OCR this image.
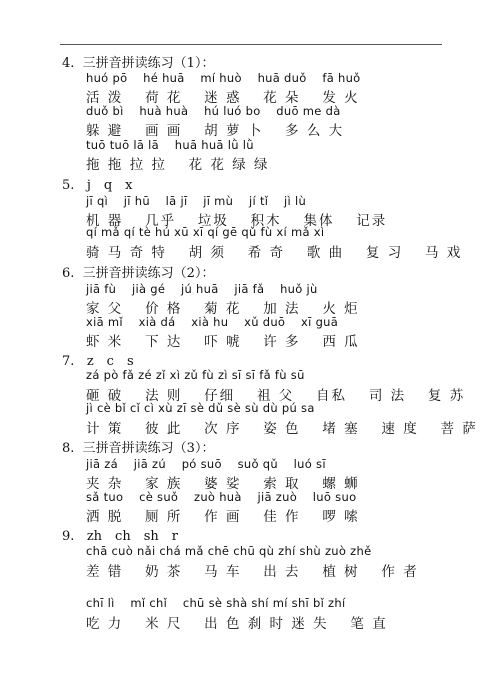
4. 三拼音拼读练习（1）：
5. j　q　x
6. 三拼音拼读练习（2）：
7. z　c　s
8. 三拼音拼读练习（3）：
9. zh　ch　sh　r
huó pō　 hé huā　 mí huò　 huā duǒ　 fā huǒ
活 泼　 荷 花　 迷 惑　 花 朵　 发 火
duǒ bì　 huà huà　 hú luó bo　 duō me dà
躲 避　 画 画　 胡 萝 卜　 多 么 大
tuō tuō lā lā　 huā huā lǜ lǜ
拖 拖 拉 拉　 花 花 绿 绿
jī qì　 jī hū　 lā jī　 jī mù　 jí tǐ　 jì lù
机 器　 几乎　 垃圾　 积木　 集体　 记录
qí mǎ qí tè hú xū xī qí gē qǔ fù xí mǎ xì
骑 马 奇 特　 胡 须　 希 奇　 歌 曲　 复 习　 马 戏
jiā fù　 jià gé　 jú huā　 jiā fǎ　 huǒ jù
家 父　 价 格　 菊 花　 加 法　 火 炬
xiā mǐ　 xià dá　 xià hu　 xǔ duō　 xī guā
虾 米　 下 达　 吓 唬　 许 多　 西 瓜
zá pò fǎ zé zǐ xì zǔ fù zì sī sī fǎ fù sū
砸 破　 法 则　 仔细　 祖 父　 自私　 司 法　 复 苏
jì cè bǐ cǐ cì xù zī sè dǔ sè sù dù pú sa
计 策　 彼 此　 次 序　 姿 色　 堵 塞　 速 度　 菩 萨
jiā zá　 jiā zú　 pó suō　 suǒ qǔ　 luó sī
夹 杂　 家 族　 婆 娑　 索 取　 螺 蛳
sǎ tuo　 cè suǒ　 zuò huà　 jiā zuò　 luō suo
洒 脱　 厕 所　 作 画　 佳 作　 啰 嗦
chā cuò nǎi chá mǎ chē chū qù zhí shù zuò zhě
差 错　 奶 茶　 马 车　 出 去　 植 树　 作 者
chī lì　 mǐ chǐ　 chū sè shà shí mí shī bǐ zhí
吃 力　 米 尺　 出 色 刹 时 迷 失　 笔 直
